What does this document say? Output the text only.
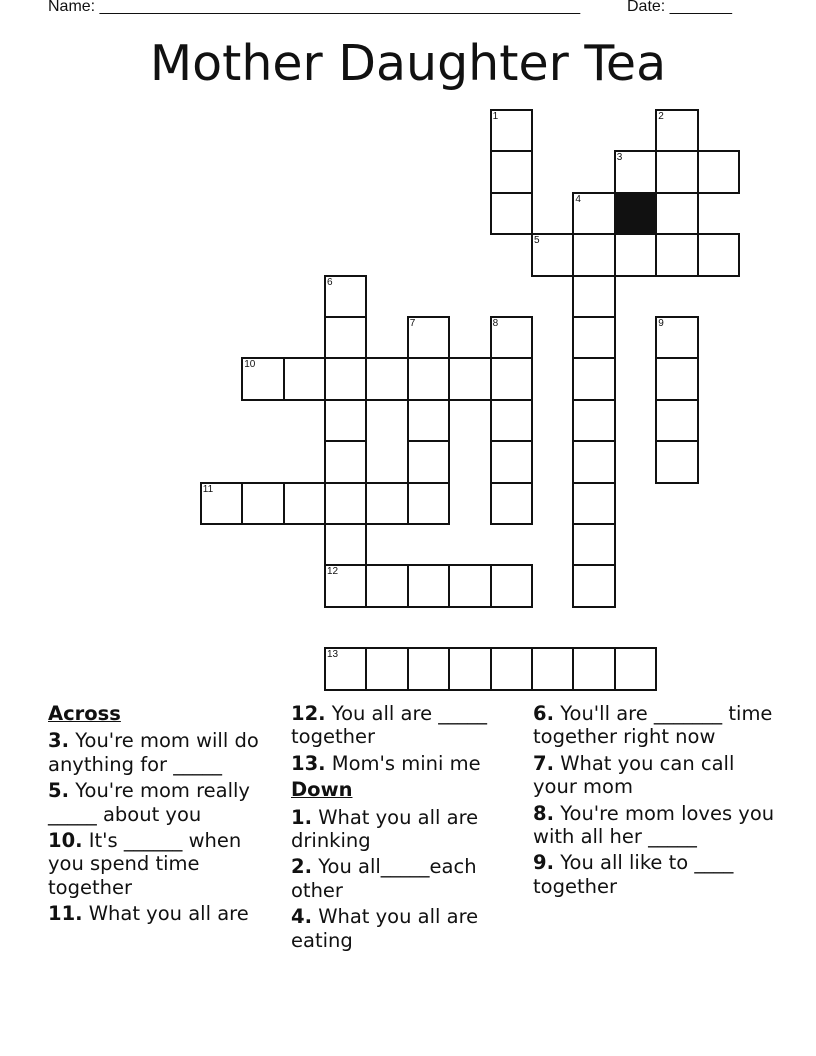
Name: ______________________________________________________	Date: _______
Mother Daughter Tea
1	2
3
4
5
6
7	8	9
10
11
12
13
Across
3. You're mom will do anything for _____
5. You're mom really _____ about you
10. It's ______ when you spend time together
11. What you all are
12. You all are _____ together
13. Mom's mini me
Down
1. What you all are drinking
2. You all_____each other
4. What you all are eating
6. You'll are _______ time together right now
7. What you can call your mom
8. You're mom loves you with all her _____
9. You all like to ____ together
